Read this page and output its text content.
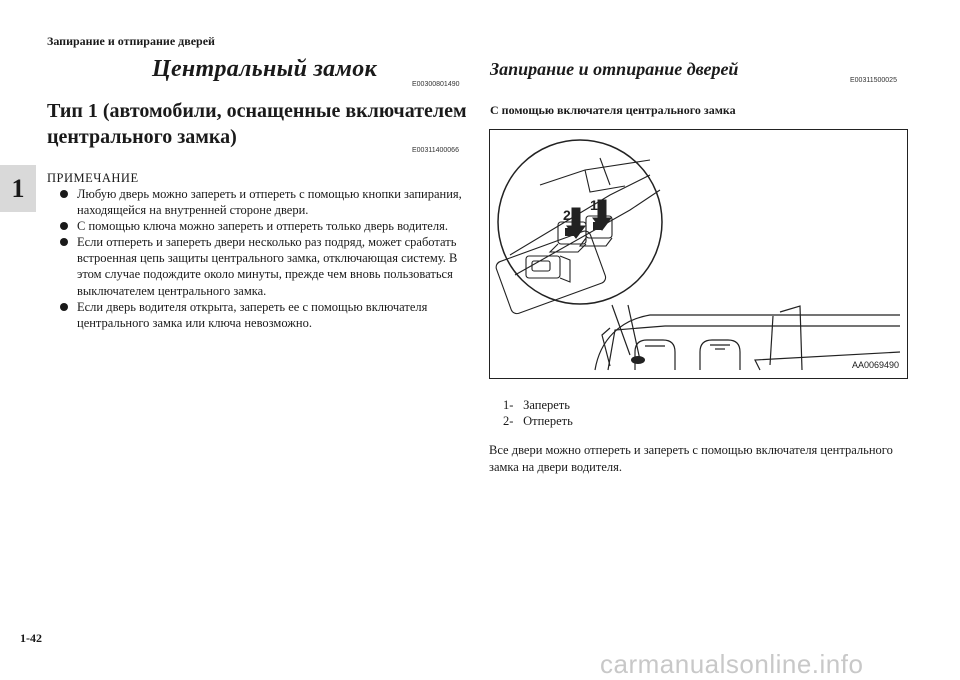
Запирание и отпирание дверей
1
Центральный замок
E00300801490
Тип 1 (автомобили, оснащенные включателем центрального замка)
E00311400066
ПРИМЕЧАНИЕ
Любую дверь можно запереть и отпереть с помощью кнопки запирания, находящейся на внутренней стороне двери.
С помощью ключа можно запереть и отпереть только дверь водителя.
Если отпереть и запереть двери несколько раз подряд, может сработать встроенная цепь защиты центрального замка, отключающая систему. В этом случае подождите около минуты, прежде чем вновь пользоваться выключателем центрального замка.
Если дверь водителя открыта, запереть ее с помощью включателя центрального замка или ключа невозможно.
Запирание и отпирание дверей
E00311500025
С помощью включателя центрального замка
2
1
AA0069490
1- Запереть
2- Отпереть
Все двери можно отпереть и запереть с помощью включателя центрального замка на двери водителя.
1-42
carmanualsonline.info
